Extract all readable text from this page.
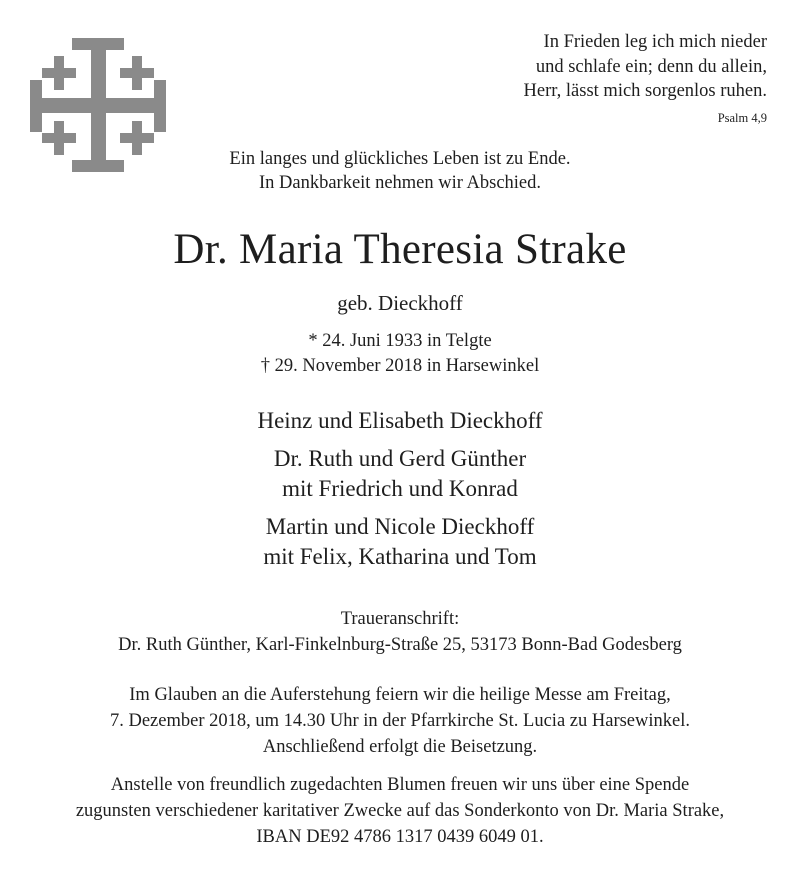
In Frieden leg ich mich nieder
und schlafe ein; denn du allein,
Herr, lässt mich sorgenlos ruhen.
Psalm 4,9
Ein langes und glückliches Leben ist zu Ende.
In Dankbarkeit nehmen wir Abschied.
Dr. Maria Theresia Strake
geb. Dieckhoff
* 24. Juni 1933 in Telgte
† 29. November 2018 in Harsewinkel
Heinz und Elisabeth Dieckhoff
Dr. Ruth und Gerd Günther
mit Friedrich und Konrad
Martin und Nicole Dieckhoff
mit Felix, Katharina und Tom
Traueranschrift:
Dr. Ruth Günther, Karl-Finkelnburg-Straße 25, 53173 Bonn-Bad Godesberg
Im Glauben an die Auferstehung feiern wir die heilige Messe am Freitag,
7. Dezember 2018, um 14.30 Uhr in der Pfarrkirche St. Lucia zu Harsewinkel.
Anschließend erfolgt die Beisetzung.
Anstelle von freundlich zugedachten Blumen freuen wir uns über eine Spende
zugunsten verschiedener karitativer Zwecke auf das Sonderkonto von Dr. Maria Strake,
IBAN DE92 4786 1317 0439 6049 01.
